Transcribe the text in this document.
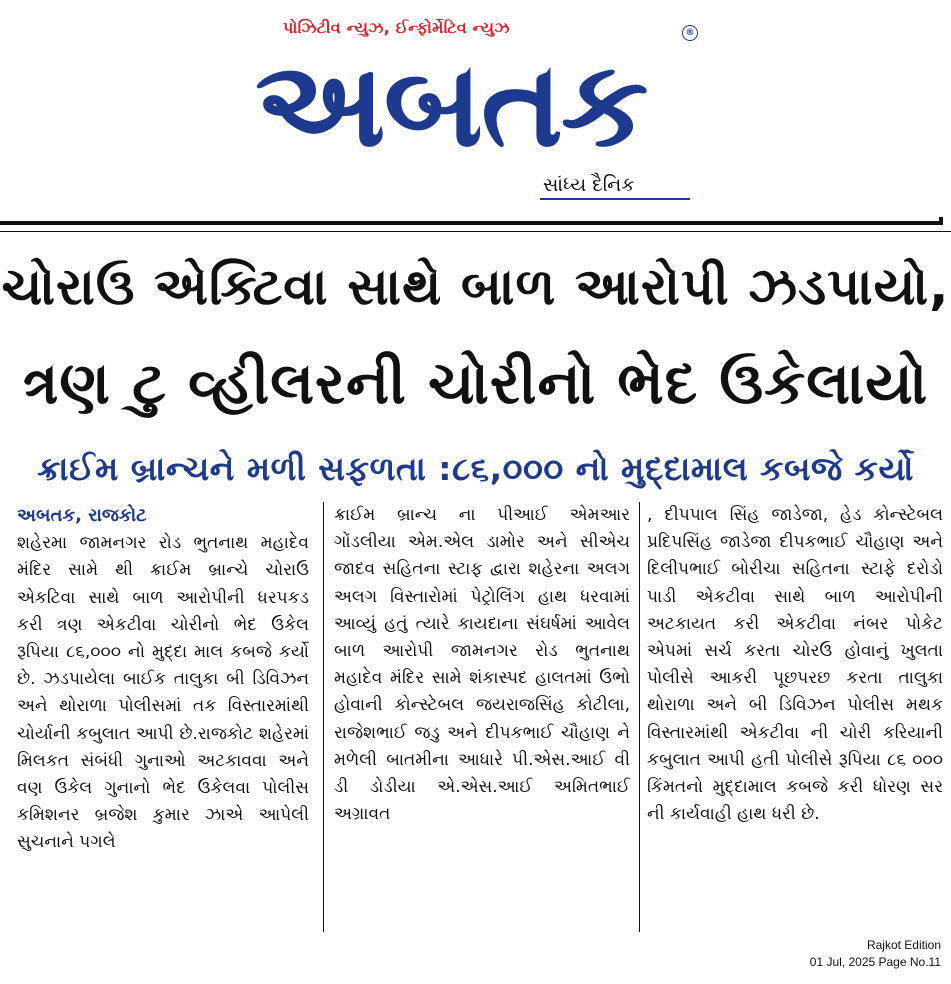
પોઝિટીવ ન્યુઝ, ઈન્ફોર્મેટિવ ન્યુઝ	®
અબતક
સાંધ્ય દૈનિક
ચોરાઉ એક્ટિવા સાથે બાળ આરોપી ઝડપાયો,
ત્રણ ટુ વ્હીલરની ચોરીનો ભેદ ઉકેલાયો
ક્રાઈમ બ્રાન્ચને મળી સફળતા :૮૬,૦૦૦ નો મુદ્દામાલ કબજે કર્યો

અબતક, રાજકોટ

શહેરમા જામનગર રોડ ભુતનાથ મહાદેવ મંદિર સામે થી ક્રાઈમ બ્રાન્ચે ચોરાઉ એકટિવા સાથે બાળ આરોપીની ધરપકડ કરી ત્રણ એકટીવા ચોરીનો ભેદ ઉકેલ રૂપિયા ૮૬,૦૦૦ નો મુદ્દા માલ કબજે કર્યો છે. ઝડપાયેલા બાઈક તાલુકા બી ડિવિઝન અને થોરાળા પોલીસમાં તક વિસ્તારમાંથી ચોર્યાની કબુલાત આપી છે.રાજકોટ શહેરમાં મિલકત સંબંધી ગુનાઓ અટકાવવા અને વણ ઉકેલ ગુનાનો ભેદ ઉકેલવા પોલીસ કમિશનર બ્રજેશ કુમાર ઝાએ આપેલી સુચનાને પગલે

ક્રાઈમ બ્રાન્ચ ના પીઆઈ એમઆર ગોંડલીયા એમ.એલ ડામોર અને સીએચ જાદવ સહિતના સ્ટાફ દ્વારા શહેરના અલગ અલગ વિસ્તારોમાં પેટ્રોલિંગ હાથ ધરવામાં આવ્યું હતું ત્યારે કાયદાના સંઘર્ષમાં આવેલ બાળ આરોપી જામનગર રોડ ભુતનાથ મહાદેવ મંદિર સામે શંકાસ્પદ હાલતમાં ઉભો હોવાની કોન્સ્ટેબલ જયરાજસિંહ કોટીલા, રાજેશભાઈ જડુ અને દીપકભાઈ ચૌહાણ ને મળેલી બાતમીના આધારે પી.એસ.આઈ વી ડી ડોડીયા એ.એસ.આઈ અમિતભાઈ અગ્રાવત

, દીપપાલ સિંહ જાડેજા, હેડ કોન્સ્ટેબલ પ્રદિપસિંહ જાડેજા દીપકભાઈ ચૌહાણ અને દિલીપભાઈ બોરીચા સહિતના સ્ટાફે દરોડો પાડી એકટીવા સાથે બાળ આરોપીની અટકાયત કરી એકટીવા નંબર પોકેટ એપમાં સર્ચ કરતા ચોરઉ હોવાનું ખુલતા પોલીસે આકરી પૂછપરછ કરતા તાલુકા થોરાળા અને બી ડિવિઝન પોલીસ મથક વિસ્તારમાંથી એકટીવા ની ચોરી કરિયાની કબુલાત આપી હતી પોલીસે રૂપિયા ૮૬ ૦૦૦ કિંમતનો મુદ્દામાલ કબજે કરી ધોરણ સર ની કાર્યવાહી હાથ ધરી છે.

Rajkot Edition
01 Jul, 2025 Page No.11
